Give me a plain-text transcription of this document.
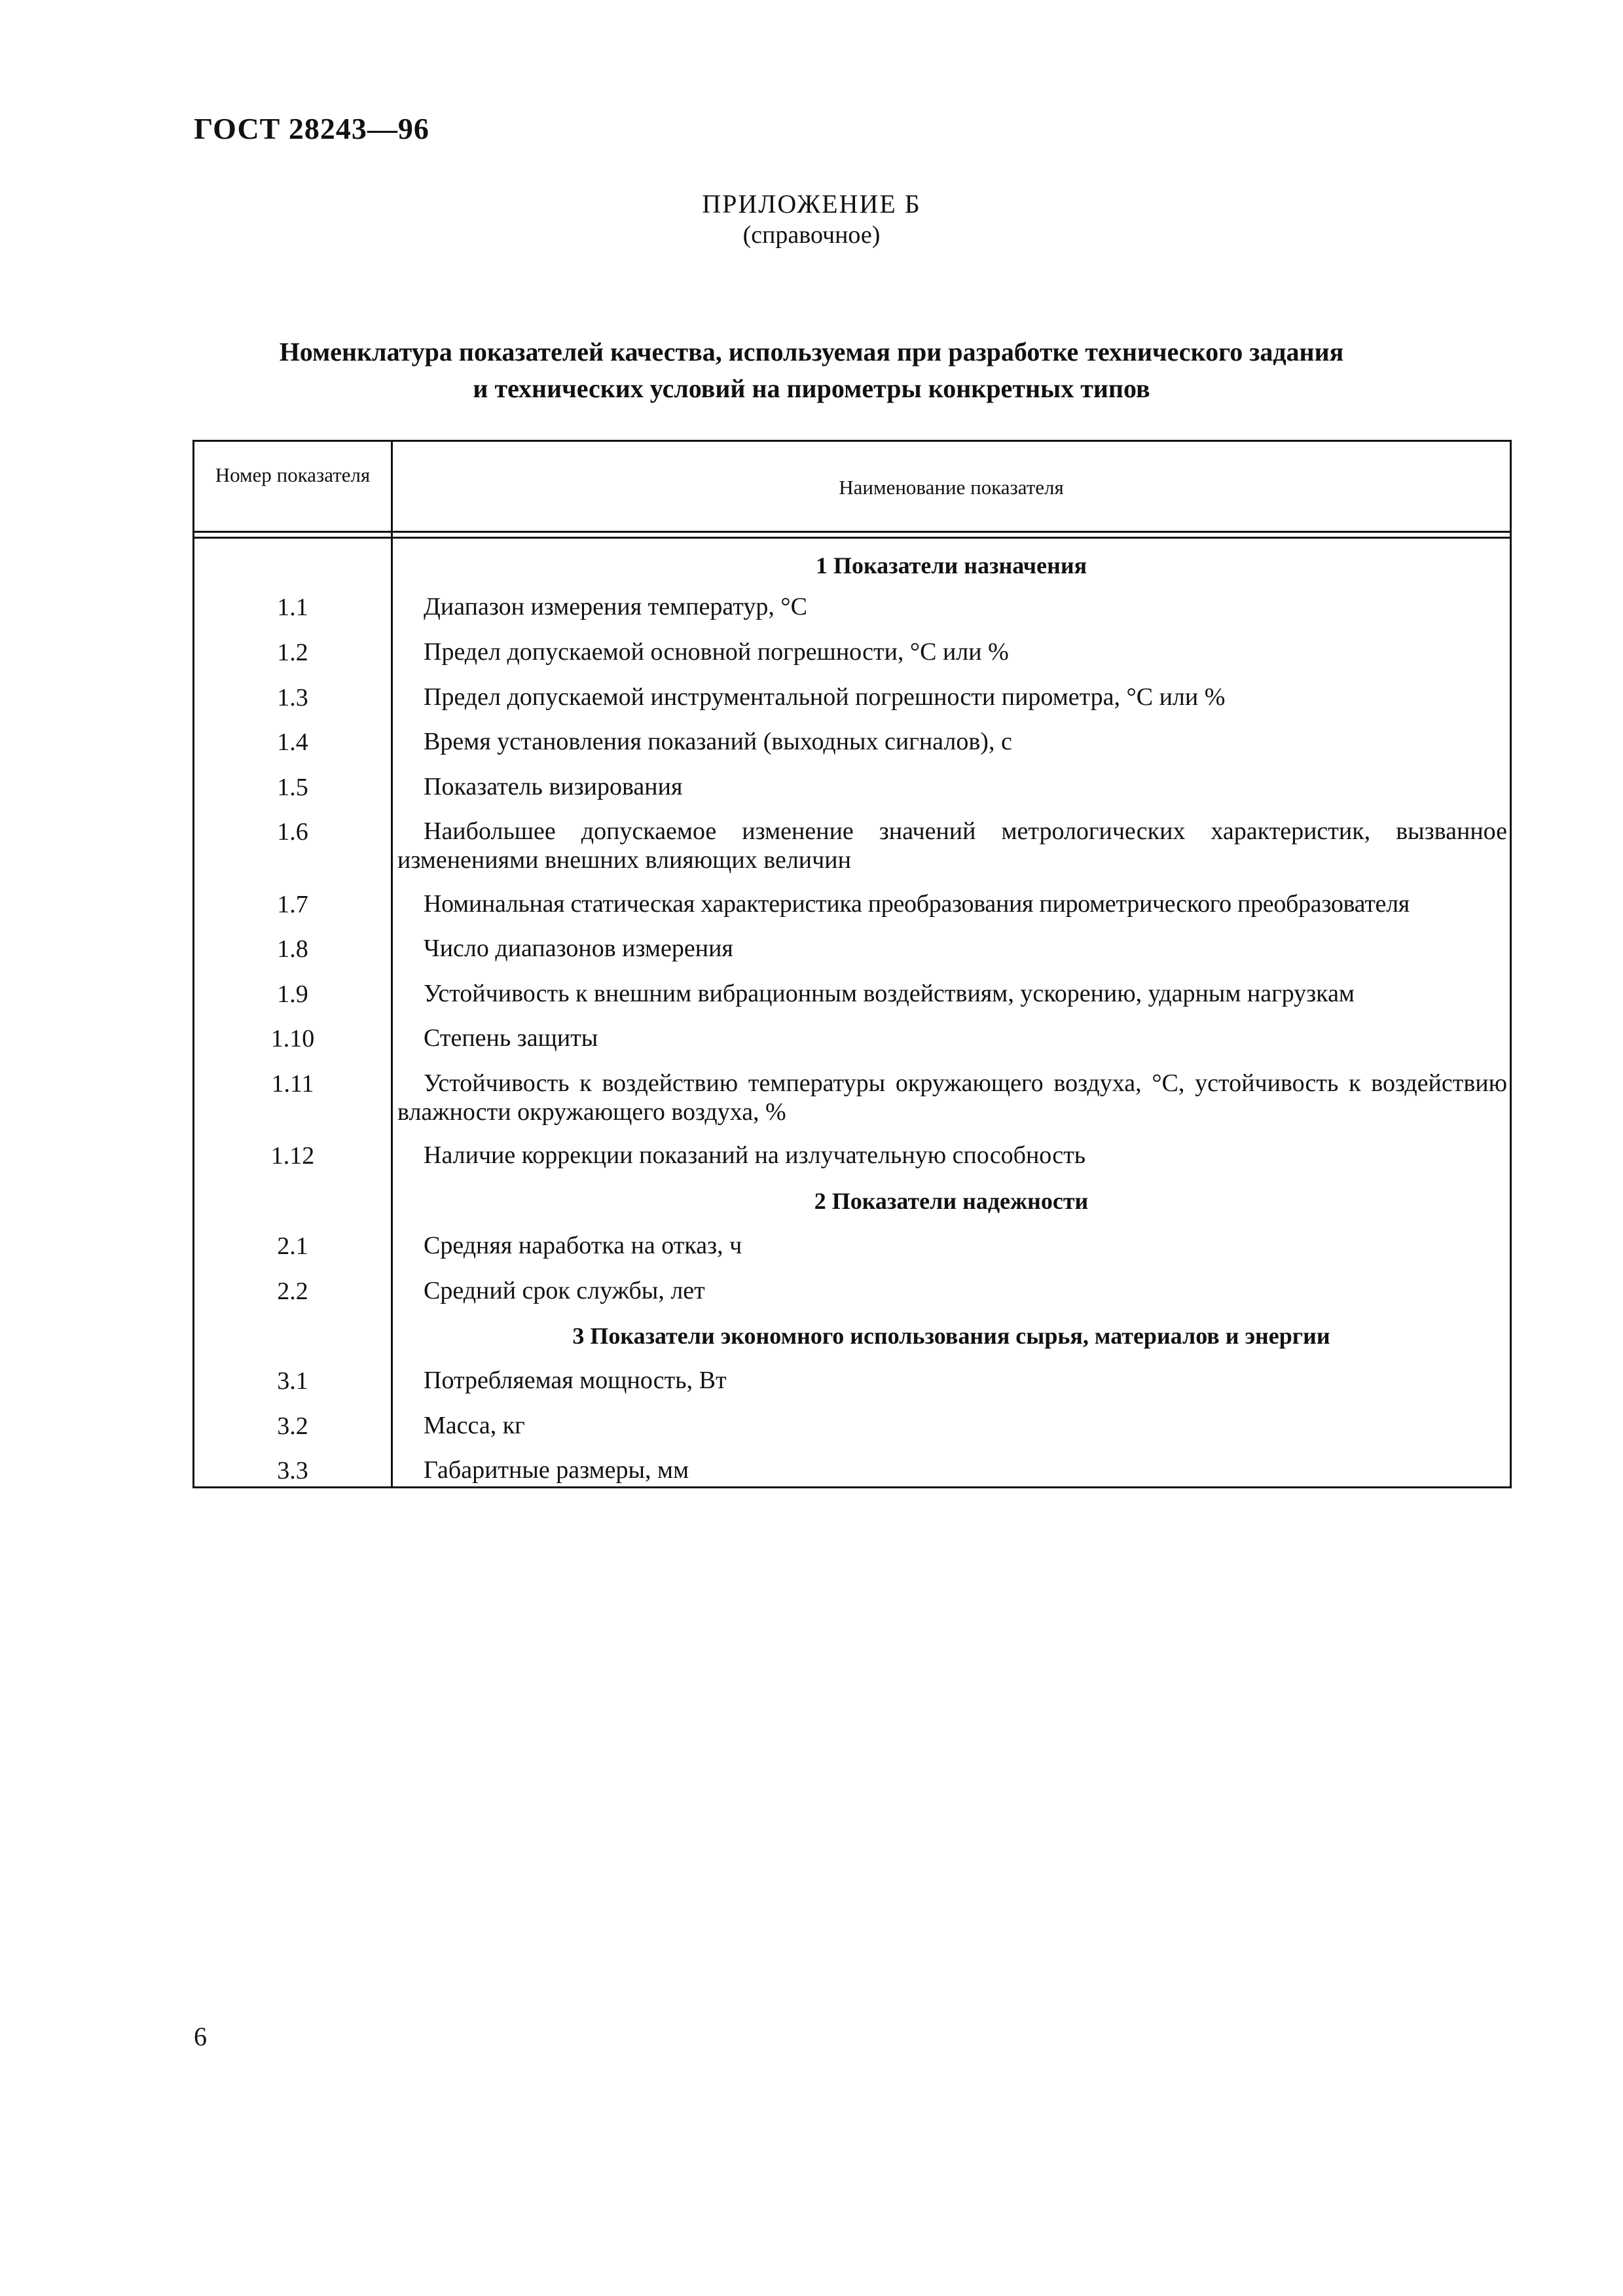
ГОСТ 28243—96
ПРИЛОЖЕНИЕ Б
(справочное)
Номенклатура показателей качества, используемая при разработке технического задания
и технических условий на пирометры конкретных типов
Номер показателя
Наименование показателя
1 Показатели назначения
1.1	Диапазон измерения температур, °С
1.2	Предел допускаемой основной погрешности, °С или %
1.3	Предел допускаемой инструментальной погрешности пирометра, °С или %
1.4	Время установления показаний (выходных сигналов), с
1.5	Показатель визирования
1.6	Наибольшее допускаемое изменение значений метрологических характеристик, вызванное изменениями внешних влияющих величин
1.7	Номинальная статическая характеристика преобразования пирометрического преобразователя
1.8	Число диапазонов измерения
1.9	Устойчивость к внешним вибрационным воздействиям, ускорению, ударным нагрузкам
1.10	Степень защиты
1.11	Устойчивость к воздействию температуры окружающего воздуха, °С, устойчивость к воздействию влажности окружающего воздуха, %
1.12	Наличие коррекции показаний на излучательную способность
2 Показатели надежности
2.1	Средняя наработка на отказ, ч
2.2	Средний срок службы, лет
3 Показатели экономного использования сырья, материалов и энергии
3.1	Потребляемая мощность, Вт
3.2	Масса, кг
3.3	Габаритные размеры, мм
6
